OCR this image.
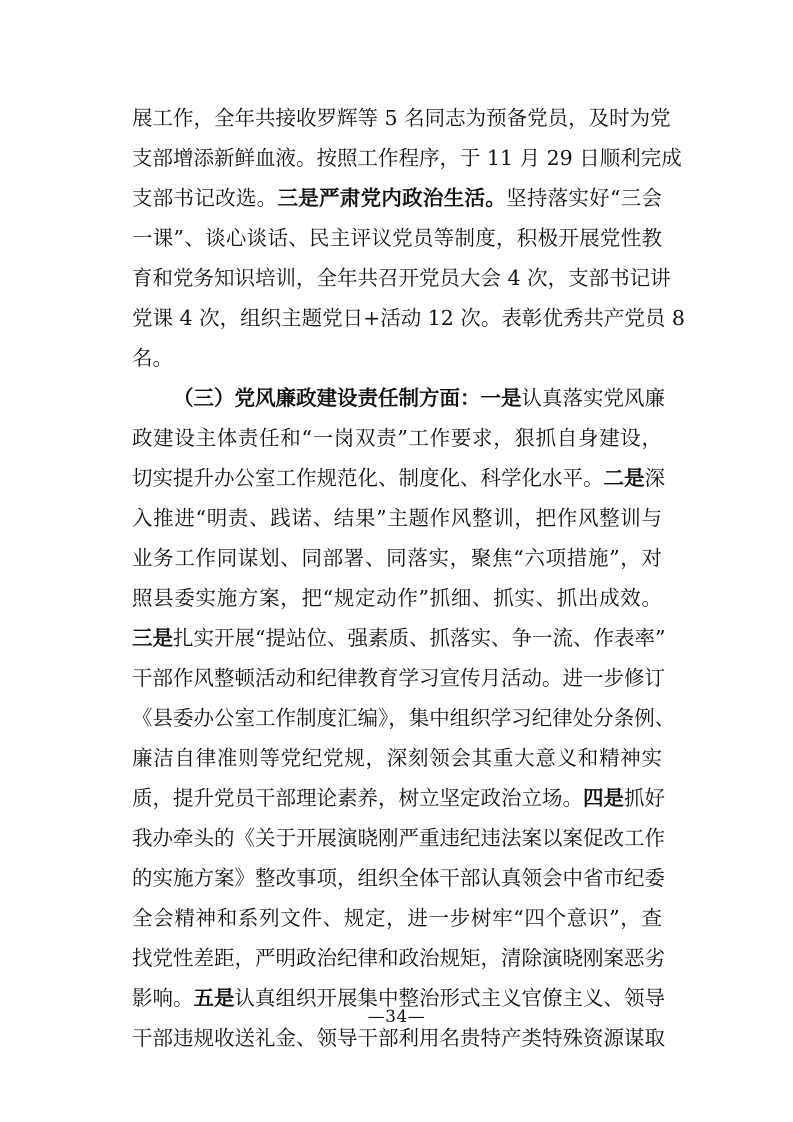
展工作，全年共接收罗辉等 5 名同志为预备党员，及时为党
支部增添新鲜血液。按照工作程序，于 11 月 29 日顺利完成
支部书记改选。三是严肃党内政治生活。坚持落实好“三会
一课”、谈心谈话、民主评议党员等制度，积极开展党性教
育和党务知识培训，全年共召开党员大会 4 次，支部书记讲
党课 4 次，组织主题党日+活动 12 次。表彰优秀共产党员 8
名。
（三）党风廉政建设责任制方面：一是认真落实党风廉
政建设主体责任和“一岗双责”工作要求，狠抓自身建设，
切实提升办公室工作规范化、制度化、科学化水平。二是深
入推进“明责、践诺、结果”主题作风整训，把作风整训与
业务工作同谋划、同部署、同落实，聚焦“六项措施”，对
照县委实施方案，把“规定动作”抓细、抓实、抓出成效。
三是扎实开展“提站位、强素质、抓落实、争一流、作表率”
干部作风整顿活动和纪律教育学习宣传月活动。进一步修订
《县委办公室工作制度汇编》，集中组织学习纪律处分条例、
廉洁自律准则等党纪党规，深刻领会其重大意义和精神实
质，提升党员干部理论素养，树立坚定政治立场。四是抓好
我办牵头的《关于开展演晓刚严重违纪违法案以案促改工作
的实施方案》整改事项，组织全体干部认真领会中省市纪委
全会精神和系列文件、规定，进一步树牢“四个意识”，查
找党性差距，严明政治纪律和政治规矩，清除演晓刚案恶劣
影响。五是认真组织开展集中整治形式主义官僚主义、领导
干部违规收送礼金、领导干部利用名贵特产类特殊资源谋取
—34—
